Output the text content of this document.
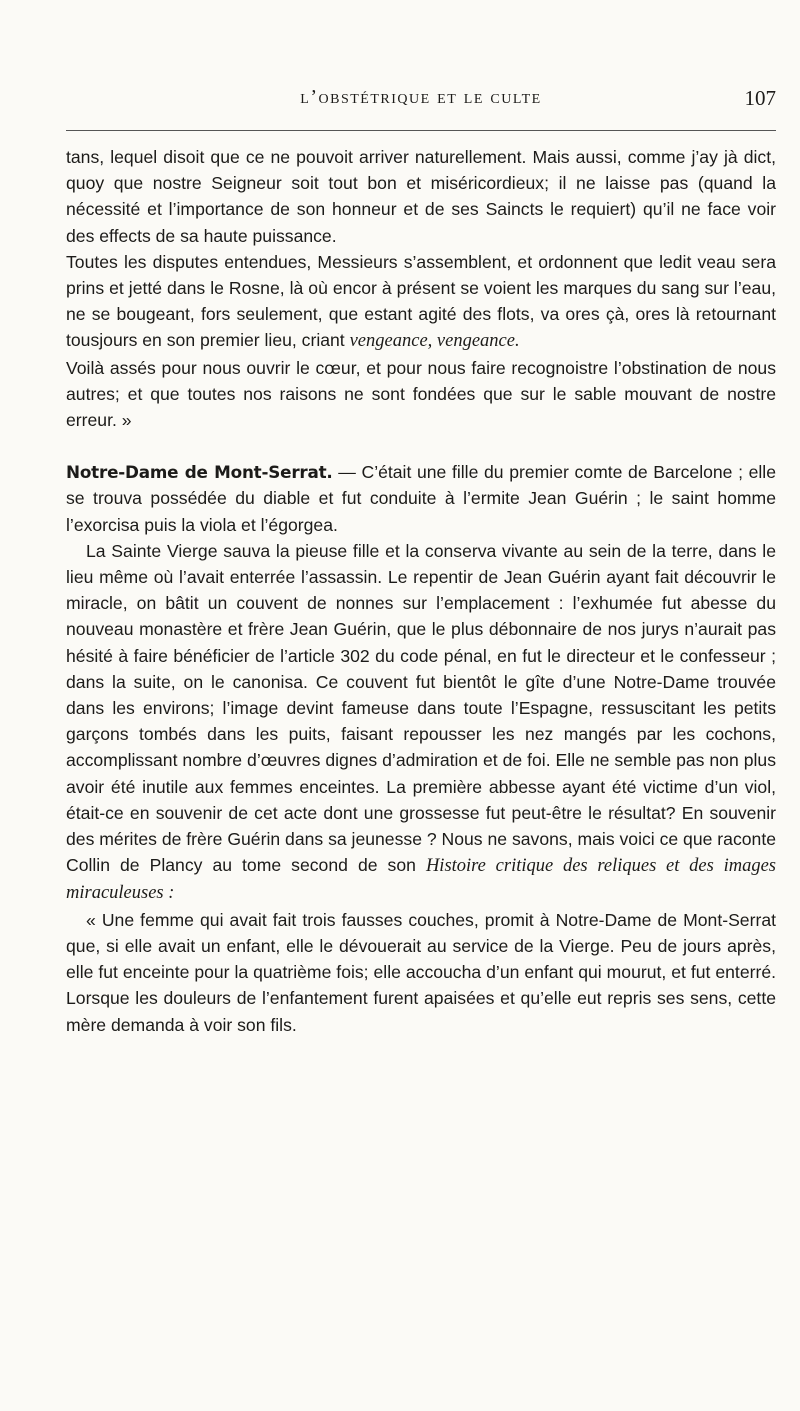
l’obstétrique et le culte	107

tans, lequel disoit que ce ne pouvoit arriver naturellement. Mais aussi, comme j’ay jà dict, quoy que nostre Seigneur soit tout bon et miséricordieux; il ne laisse pas (quand la nécessité et l’importance de son honneur et de ses Saincts le requiert) qu’il ne face voir des effects de sa haute puissance.

Toutes les disputes entendues, Messieurs s’assemblent, et ordonnent que ledit veau sera prins et jetté dans le Rosne, là où encor à présent se voient les marques du sang sur l’eau, ne se bougeant, fors seulement, que estant agité des flots, va ores çà, ores là retournant tousjours en son premier lieu, criant vengeance, vengeance.

Voilà assés pour nous ouvrir le cœur, et pour nous faire recognoistre l’obstination de nous autres; et que toutes nos raisons ne sont fondées que sur le sable mouvant de nostre erreur. »

Notre-Dame de Mont-Serrat. — C’était une fille du premier comte de Barcelone ; elle se trouva possédée du diable et fut conduite à l’ermite Jean Guérin ; le saint homme l’exorcisa puis la viola et l’égorgea.

La Sainte Vierge sauva la pieuse fille et la conserva vivante au sein de la terre, dans le lieu même où l’avait enterrée l’assassin. Le repentir de Jean Guérin ayant fait découvrir le miracle, on bâtit un couvent de nonnes sur l’emplacement : l’exhumée fut abesse du nouveau monastère et frère Jean Guérin, que le plus débonnaire de nos jurys n’aurait pas hésité à faire bénéficier de l’article 302 du code pénal, en fut le directeur et le confesseur ; dans la suite, on le canonisa. Ce couvent fut bientôt le gîte d’une Notre-Dame trouvée dans les environs; l’image devint fameuse dans toute l’Espagne, ressuscitant les petits garçons tombés dans les puits, faisant repousser les nez mangés par les cochons, accomplissant nombre d’œuvres dignes d’admiration et de foi. Elle ne semble pas non plus avoir été inutile aux femmes enceintes. La première abbesse ayant été victime d’un viol, était-ce en souvenir de cet acte dont une grossesse fut peut-être le résultat? En souvenir des mérites de frère Guérin dans sa jeunesse ? Nous ne savons, mais voici ce que raconte Collin de Plancy au tome second de son Histoire critique des reliques et des images miraculeuses :

« Une femme qui avait fait trois fausses couches, promit à Notre-Dame de Mont-Serrat que, si elle avait un enfant, elle le dévouerait au service de la Vierge. Peu de jours après, elle fut enceinte pour la quatrième fois; elle accoucha d’un enfant qui mourut, et fut enterré. Lorsque les douleurs de l’enfantement furent apaisées et qu’elle eut repris ses sens, cette mère demanda à voir son fils.
